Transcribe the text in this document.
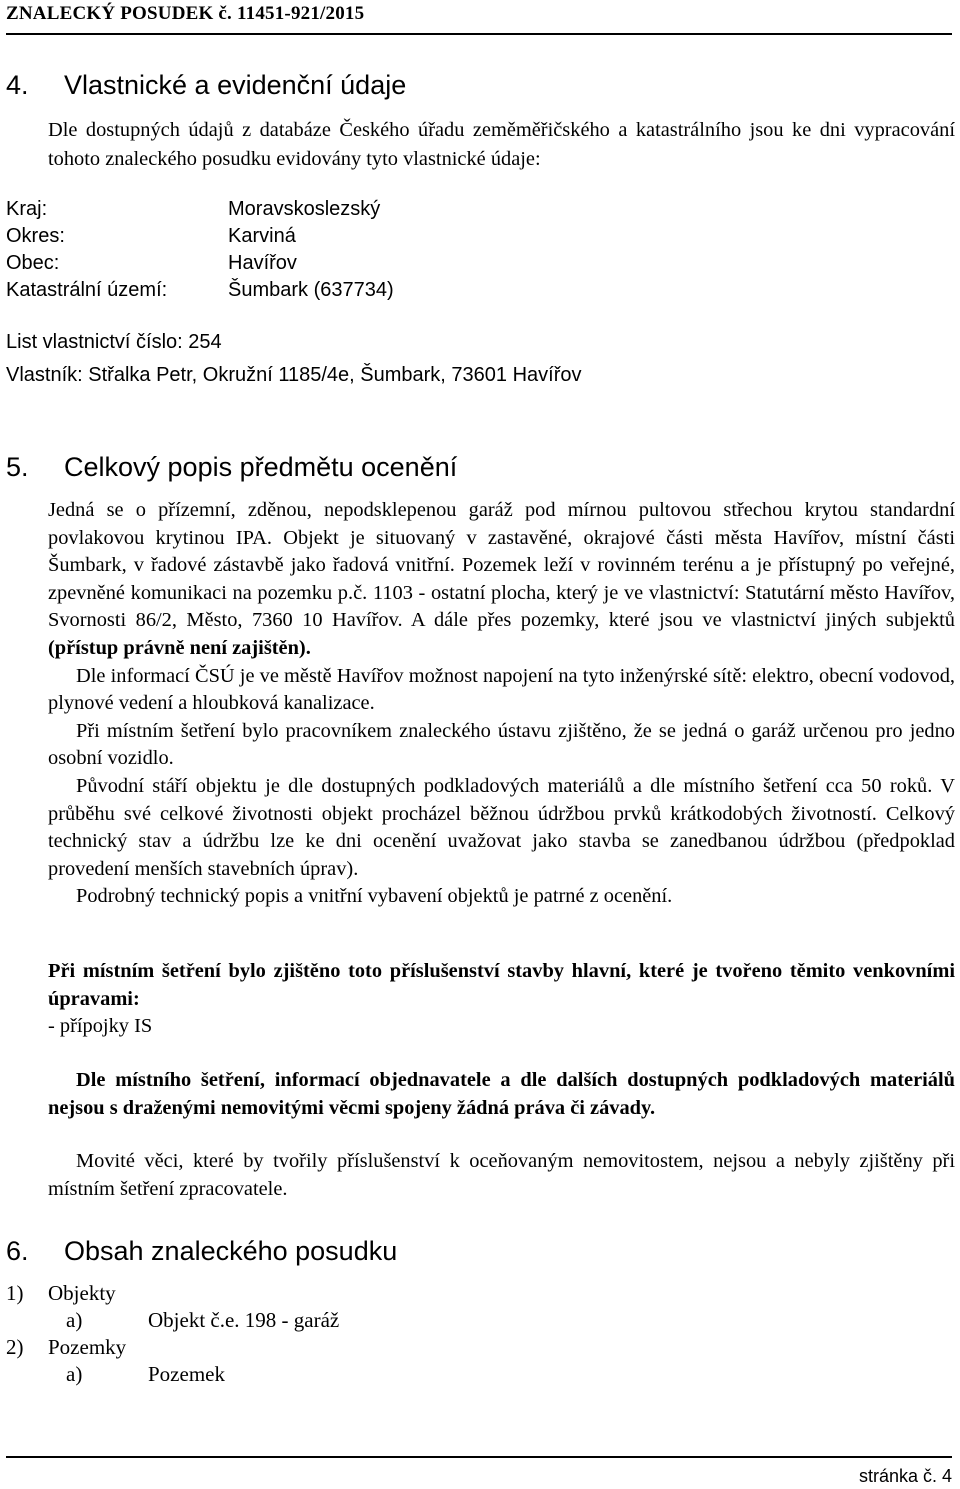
ZNALECKÝ POSUDEK č. 11451-921/2015
4. Vlastnické a evidenční údaje
Dle dostupných údajů z databáze Českého úřadu zeměměřičského a katastrálního jsou ke dni vypracování tohoto znaleckého posudku evidovány tyto vlastnické údaje:
Kraj:	Moravskoslezský
Okres:	Karviná
Obec:	Havířov
Katastrální území:	Šumbark (637734)
List vlastnictví číslo: 254
Vlastník: Střalka Petr, Okružní 1185/4e, Šumbark, 73601 Havířov
5. Celkový popis předmětu ocenění

Jedná se o přízemní, zděnou, nepodsklepenou garáž pod mírnou pultovou střechou krytou standardní povlakovou krytinou IPA. Objekt je situovaný v zastavěné, okrajové části města Havířov, místní části Šumbark, v řadové zástavbě jako řadová vnitřní. Pozemek leží v rovinném terénu a je přístupný po veřejné, zpevněné komunikaci na pozemku p.č. 1103 - ostatní plocha, který je ve vlastnictví: Statutární město Havířov, Svornosti 86/2, Město, 7360 10 Havířov. A dále přes pozemky, které jsou ve vlastnictví jiných subjektů (přístup právně není zajištěn).

Dle informací ČSÚ je ve městě Havířov možnost napojení na tyto inženýrské sítě: elektro, obecní vodovod, plynové vedení a hloubková kanalizace.

Při místním šetření bylo pracovníkem znaleckého ústavu zjištěno, že se jedná o garáž určenou pro jedno osobní vozidlo.

Původní stáří objektu je dle dostupných podkladových materiálů a dle místního šetření cca 50 roků. V průběhu své celkové životnosti objekt procházel běžnou údržbou prvků krátkodobých životností. Celkový technický stav a údržbu lze ke dni ocenění uvažovat jako stavba se zanedbanou údržbou (předpoklad provedení menších stavebních úprav).

Podrobný technický popis a vnitřní vybavení objektů je patrné z ocenění.

Při místním šetření bylo zjištěno toto příslušenství stavby hlavní, které je tvořeno těmito venkovními úpravami:
- přípojky IS

Dle místního šetření, informací objednavatele a dle dalších dostupných podkladových materiálů nejsou s draženými nemovitými věcmi spojeny žádná práva či závady.

Movité věci, které by tvořily příslušenství k oceňovaným nemovitostem, nejsou a nebyly zjištěny při místním šetření zpracovatele.

6. Obsah znaleckého posudku
1) Objekty
a)	Objekt č.e. 198 - garáž
2) Pozemky
a)	Pozemek
stránka č. 4
